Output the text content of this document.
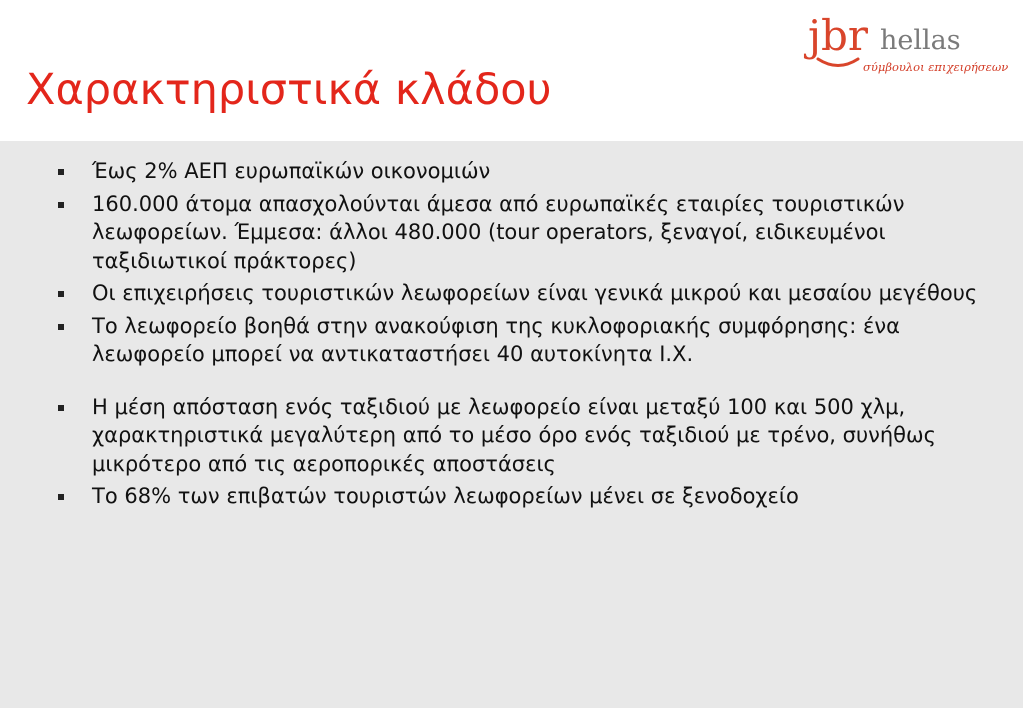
Χαρακτηριστικά κλάδου
jbr hellas
σύμβουλοι επιχειρήσεων
Έως 2% ΑΕΠ ευρωπαϊκών οικονομιών
160.000 άτομα απασχολούνται άμεσα από ευρωπαϊκές εταιρίες τουριστικών λεωφορείων. Έμμεσα: άλλοι 480.000 (tour operators, ξεναγοί, ειδικευμένοι ταξιδιωτικοί πράκτορες)
Οι επιχειρήσεις τουριστικών λεωφορείων είναι γενικά μικρού και μεσαίου μεγέθους
Το λεωφορείο βοηθά στην ανακούφιση της κυκλοφοριακής συμφόρησης: ένα λεωφορείο μπορεί να αντικαταστήσει 40 αυτοκίνητα Ι.Χ.
Η μέση απόσταση ενός ταξιδιού με λεωφορείο είναι μεταξύ 100 και 500 χλμ, χαρακτηριστικά μεγαλύτερη από το μέσο όρο ενός ταξιδιού με τρένο, συνήθως μικρότερο από τις αεροπορικές αποστάσεις
Το 68% των επιβατών τουριστών λεωφορείων μένει σε ξενοδοχείο
